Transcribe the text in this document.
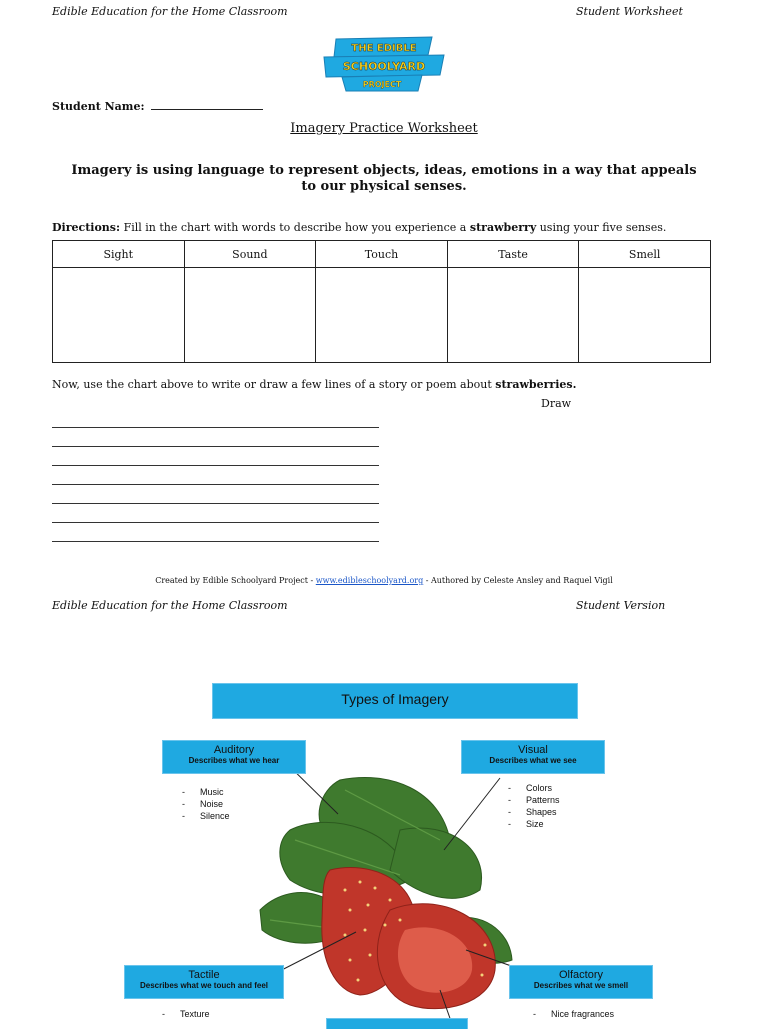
Edible Education for the Home Classroom	Student Worksheet
THE EDIBLE
SCHOOLYARD
PROJECT
Student Name:
Imagery Practice Worksheet
Imagery is using language to represent objects, ideas, emotions in a way that appeals to our physical senses.
Directions: Fill in the chart with words to describe how you experience a strawberry using your five senses.
Sight	Sound	Touch	Taste	Smell

Now, use the chart above to write or draw a few lines of a story or poem about strawberries.
Draw
Created by Edible Schoolyard Project - www.edibleschoolyard.org - Authored by Celeste Ansley and Raquel Vigil
Edible Education for the Home Classroom	Student Version
Types of Imagery
Auditory
Describes what we hear
- Music
- Noise
- Silence
Visual
Describes what we see
- Colors
- Patterns
- Shapes
- Size
Tactile
Describes what we touch and feel
- Texture
Olfactory
Describes what we smell
- Nice fragrances
